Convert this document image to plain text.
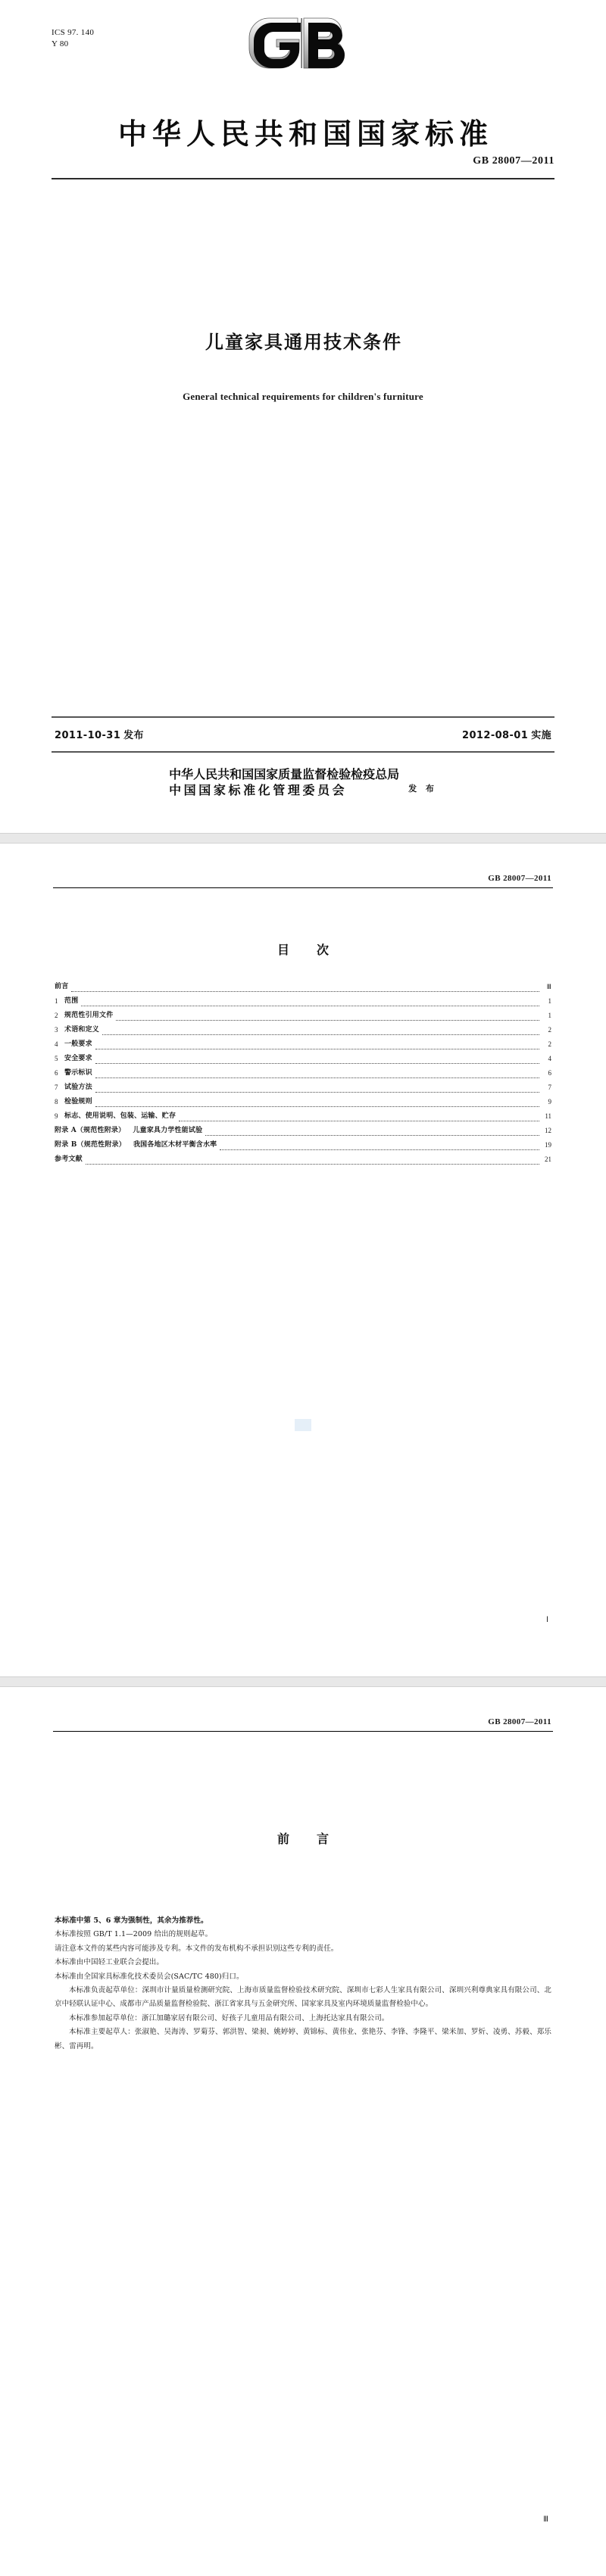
ICS 97. 140
Y 80
中华人民共和国国家标准
GB 28007—2011
儿童家具通用技术条件
General technical requirements for children's furniture
2011-10-31 发布	2012-08-01 实施
中华人民共和国国家质量监督检验检疫总局
中国国家标准化管理委员会	发 布
GB 28007—2011
目　次
前言	Ⅲ
1 范围	1
2 规范性引用文件	1
3 术语和定义	2
4 一般要求	2
5 安全要求	4
6 警示标识	6
7 试验方法	7
8 检验规则	9
9 标志、使用说明、包装、运输、贮存	11
附录 A（规范性附录） 儿童家具力学性能试验	12
附录 B（规范性附录） 我国各地区木材平衡含水率	19
参考文献	21
Ⅰ
GB 28007—2011
前　言

本标准中第 5、6 章为强制性，其余为推荐性。

本标准按照 GB/T 1.1—2009 给出的规则起草。

请注意本文件的某些内容可能涉及专利。本文件的发布机构不承担识别这些专利的责任。

本标准由中国轻工业联合会提出。

本标准由全国家具标准化技术委员会(SAC/TC 480)归口。

本标准负责起草单位：深圳市计量质量检测研究院、上海市质量监督检验技术研究院、深圳市七彩人生家具有限公司、深圳兴利尊典家具有限公司、北京中轻联认证中心、成都市产品质量监督检验院、浙江省家具与五金研究所、国家家具及室内环境质量监督检验中心。

本标准参加起草单位：浙江加璐家居有限公司、好孩子儿童用品有限公司、上海托达家具有限公司。

本标准主要起草人：张淑艳、吴海涛、罗菊芬、郭洪智、梁昶、姚婷婷、黄锦标、黄伟业、张艳芬、李锋、李隆平、梁米加、罗炘、凌勇、苏毅、郑乐彬、雷再明。

Ⅲ
